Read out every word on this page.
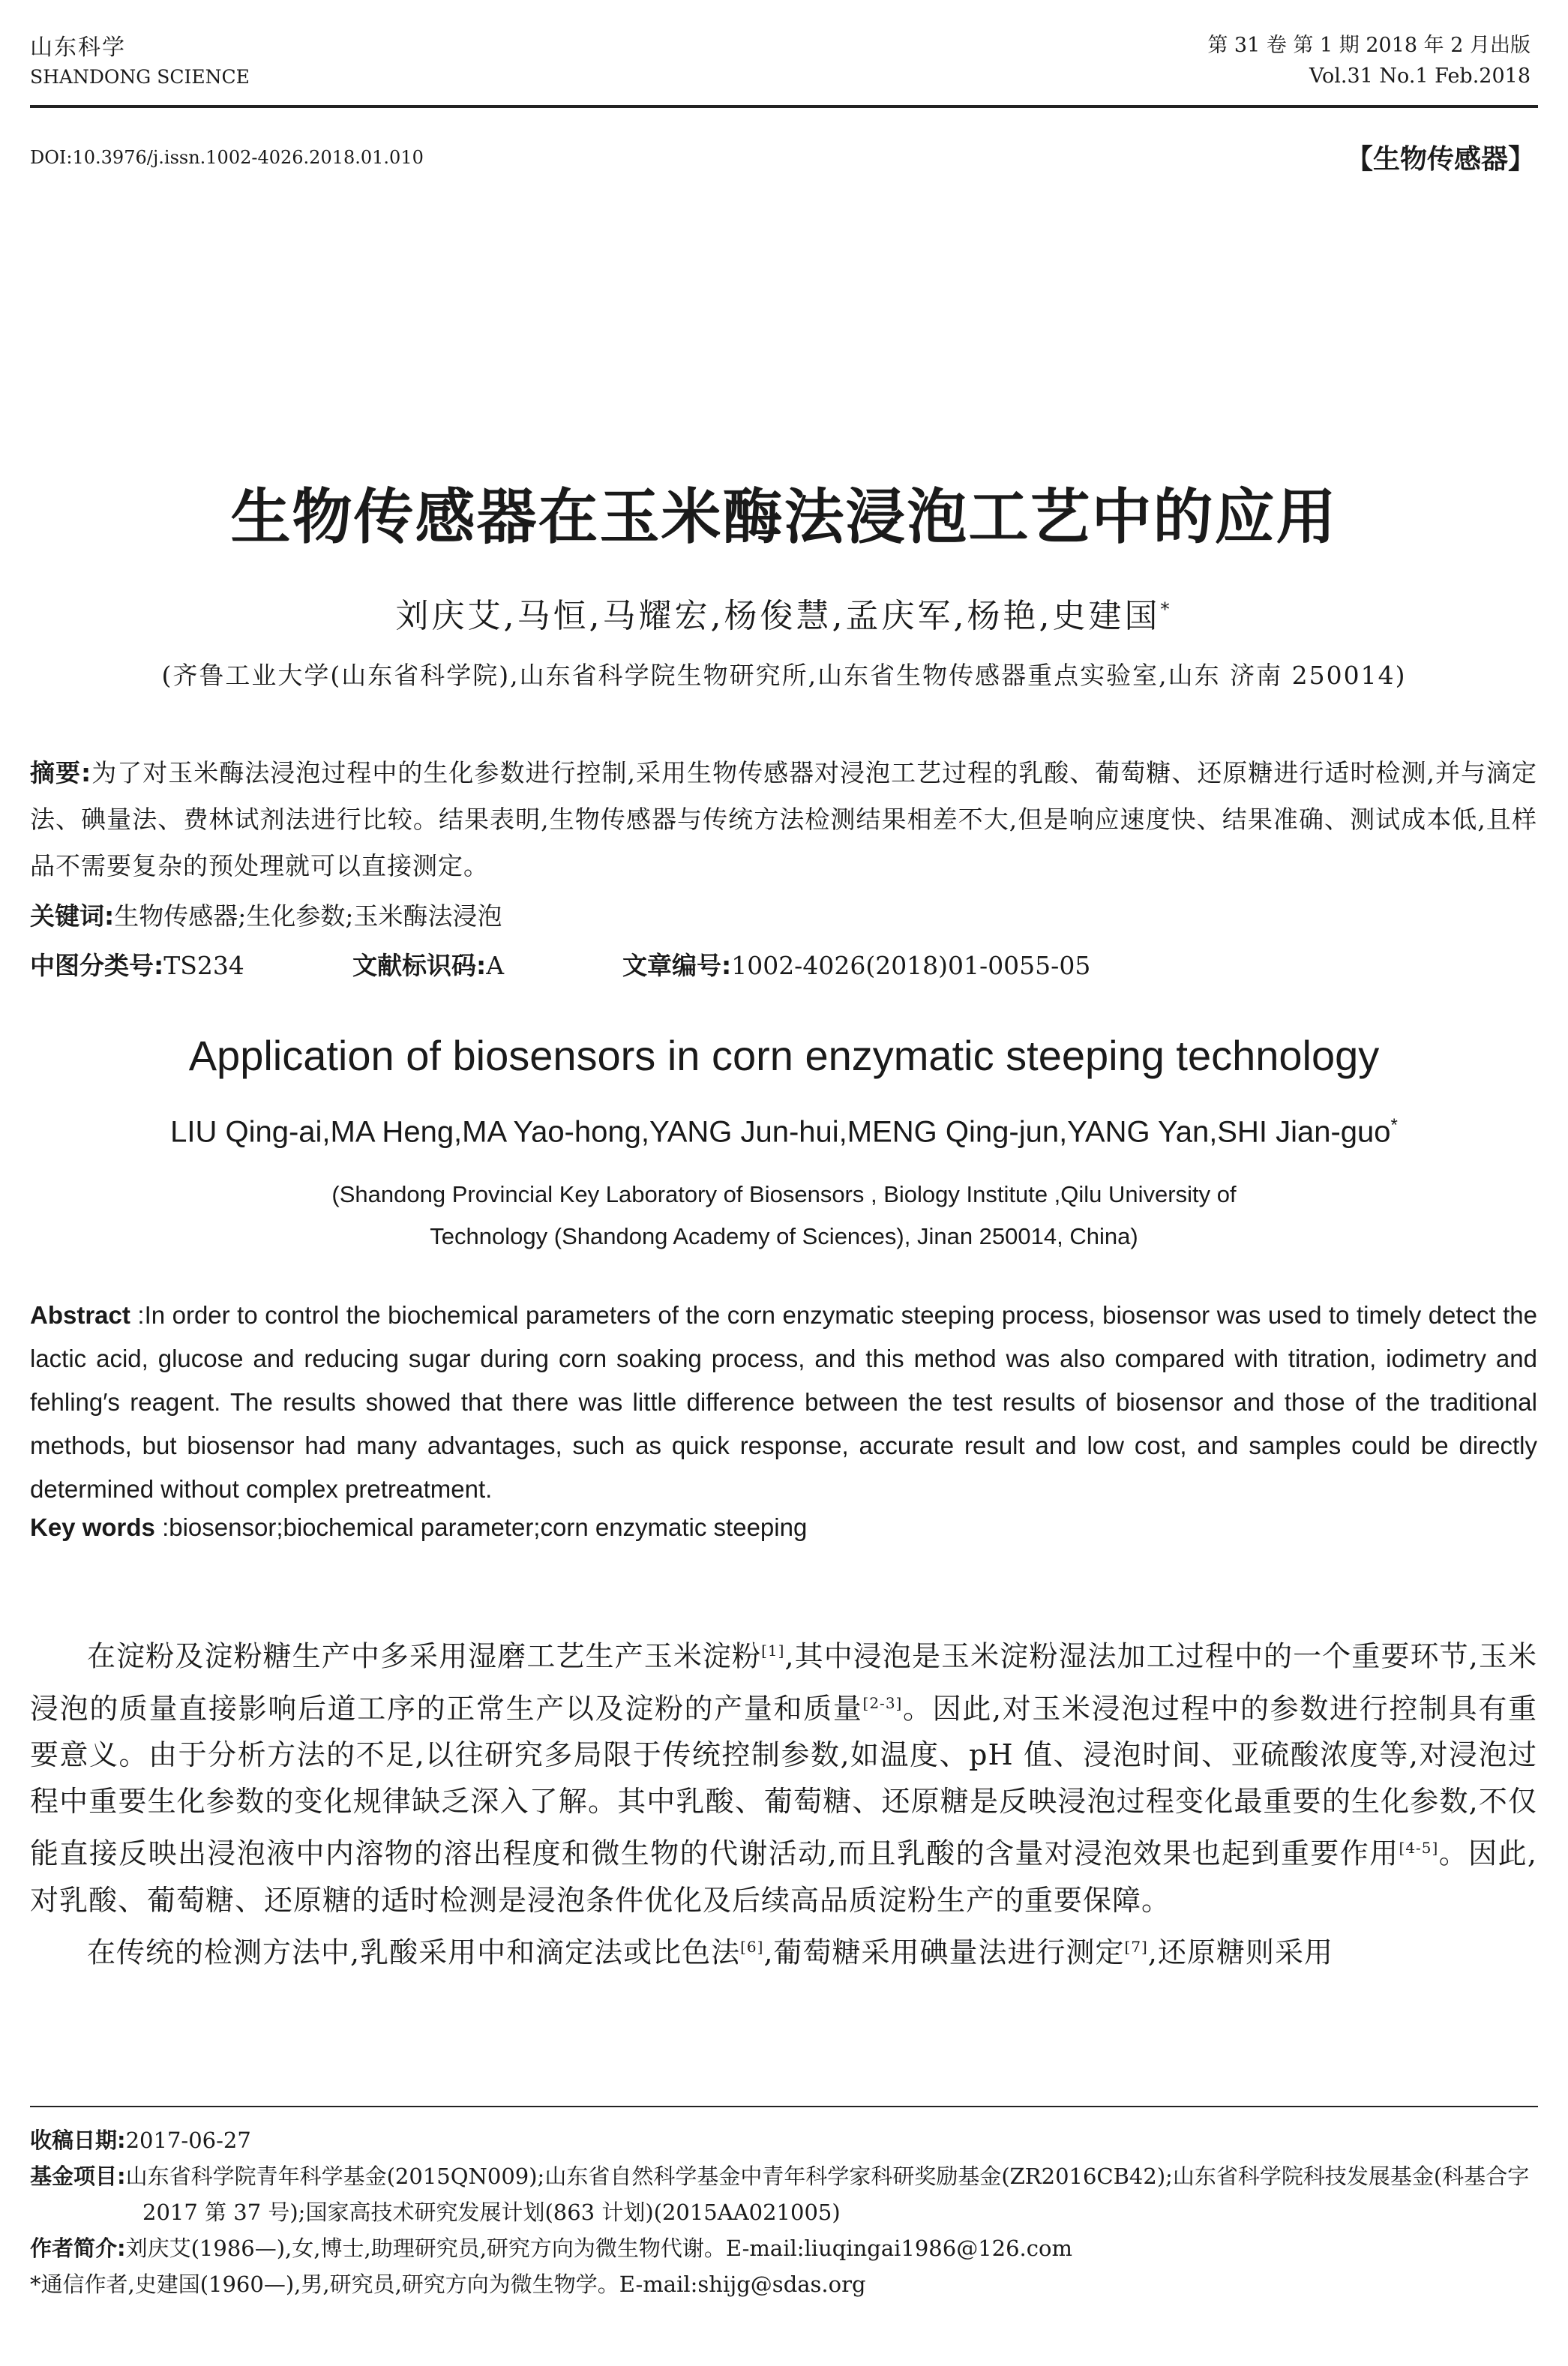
山东科学
SHANDONG SCIENCE
第 31 卷 第 1 期 2018 年 2 月出版
Vol.31 No.1 Feb.2018
DOI:10.3976/j.issn.1002-4026.2018.01.010	【生物传感器】
生物传感器在玉米酶法浸泡工艺中的应用
刘庆艾,马恒,马耀宏,杨俊慧,孟庆军,杨艳,史建国*
(齐鲁工业大学(山东省科学院),山东省科学院生物研究所,山东省生物传感器重点实验室,山东 济南 250014)
摘要:为了对玉米酶法浸泡过程中的生化参数进行控制,采用生物传感器对浸泡工艺过程的乳酸、葡萄糖、还原糖进行适时检测,并与滴定法、碘量法、费林试剂法进行比较。结果表明,生物传感器与传统方法检测结果相差不大,但是响应速度快、结果准确、测试成本低,且样品不需要复杂的预处理就可以直接测定。
关键词:生物传感器;生化参数;玉米酶法浸泡
中图分类号:TS234	文献标识码:A	文章编号:1002-4026(2018)01-0055-05
Application of biosensors in corn enzymatic steeping technology
LIU Qing-ai,MA Heng,MA Yao-hong,YANG Jun-hui,MENG Qing-jun,YANG Yan,SHI Jian-guo*
(Shandong Provincial Key Laboratory of Biosensors , Biology Institute ,Qilu University of
Technology (Shandong Academy of Sciences), Jinan 250014, China)
Abstract :In order to control the biochemical parameters of the corn enzymatic steeping process, biosensor was used to timely detect the lactic acid, glucose and reducing sugar during corn soaking process, and this method was also compared with titration, iodimetry and fehling′s reagent. The results showed that there was little difference between the test results of biosensor and those of the traditional methods, but biosensor had many advantages, such as quick response, accurate result and low cost, and samples could be directly determined without complex pretreatment.
Key words :biosensor;biochemical parameter;corn enzymatic steeping

在淀粉及淀粉糖生产中多采用湿磨工艺生产玉米淀粉[1],其中浸泡是玉米淀粉湿法加工过程中的一个重要环节,玉米浸泡的质量直接影响后道工序的正常生产以及淀粉的产量和质量[2-3]。因此,对玉米浸泡过程中的参数进行控制具有重要意义。由于分析方法的不足,以往研究多局限于传统控制参数,如温度、pH 值、浸泡时间、亚硫酸浓度等,对浸泡过程中重要生化参数的变化规律缺乏深入了解。其中乳酸、葡萄糖、还原糖是反映浸泡过程变化最重要的生化参数,不仅能直接反映出浸泡液中内溶物的溶出程度和微生物的代谢活动,而且乳酸的含量对浸泡效果也起到重要作用[4-5]。因此,对乳酸、葡萄糖、还原糖的适时检测是浸泡条件优化及后续高品质淀粉生产的重要保障。

在传统的检测方法中,乳酸采用中和滴定法或比色法[6],葡萄糖采用碘量法进行测定[7],还原糖则采用

收稿日期:2017-06-27
基金项目:山东省科学院青年科学基金(2015QN009);山东省自然科学基金中青年科学家科研奖励基金(ZR2016CB42);山东省科学院科技发展基金(科基合字 2017 第 37 号);国家高技术研究发展计划(863 计划)(2015AA021005)
作者简介:刘庆艾(1986—),女,博士,助理研究员,研究方向为微生物代谢。E-mail:liuqingai1986@126.com
*通信作者,史建国(1960—),男,研究员,研究方向为微生物学。E-mail:shijg@sdas.org
